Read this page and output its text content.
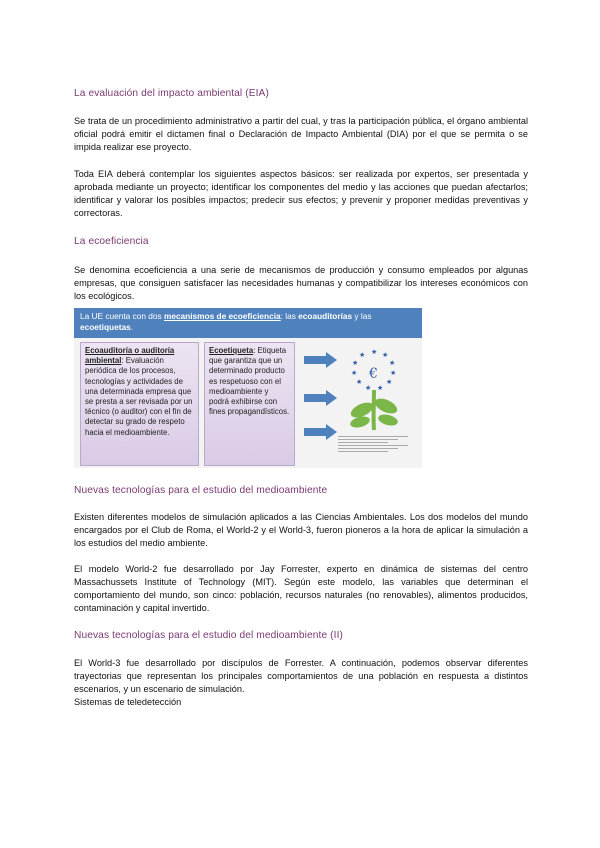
La evaluación del impacto ambiental (EIA)

Se trata de un procedimiento administrativo a partir del cual, y tras la participación pública, el órgano ambiental oficial podrá emitir el dictamen final o Declaración de Impacto Ambiental (DIA) por el que se permita o se impida realizar ese proyecto.

Toda EIA deberá contemplar los siguientes aspectos básicos: ser realizada por expertos, ser presentada y aprobada mediante un proyecto; identificar los componentes del medio y las acciones que puedan afectarlos; identificar y valorar los posibles impactos; predecir sus efectos; y prevenir y proponer medidas preventivas y correctoras.

La ecoeficiencia

Se denomina ecoeficiencia a una serie de mecanismos de producción y consumo empleados por algunas empresas, que consiguen satisfacer las necesidades humanas y compatibilizar los intereses económicos con los ecológicos.

La UE cuenta con dos mecanismos de ecoeficiencia: las ecoauditorías y las ecoetiquetas.
Ecoauditoría o auditoría ambiental: Evaluación periódica de los procesos, tecnologías y actividades de una determinada empresa que se presta a ser revisada por un técnico (o auditor) con el fin de detectar su grado de respeto hacia el medioambiente.
Ecoetiqueta: Etiqueta que garantiza que un determinado producto es respetuoso con el medioambiente y podrá exhibirse con fines propagandísticos.
★ ★
★
★
★
★
★
★
★
★
★
€
Nuevas tecnologías para el estudio del medioambiente

Existen diferentes modelos de simulación aplicados a las Ciencias Ambientales. Los dos modelos del mundo encargados por el Club de Roma, el World-2 y el World-3, fueron pioneros a la hora de aplicar la simulación a los estudios del medio ambiente.

El modelo World-2 fue desarrollado por Jay Forrester, experto en dinámica de sistemas del centro Massachussets Institute of Technology (MIT). Según este modelo, las variables que determinan el comportamiento del mundo, son cinco: población, recursos naturales (no renovables), alimentos producidos, contaminación y capital invertido.

Nuevas tecnologías para el estudio del medioambiente (II)

El World-3 fue desarrollado por discípulos de Forrester. A continuación, podemos observar diferentes trayectorias que representan los principales comportamientos de una población en respuesta a distintos escenarios, y un escenario de simulación.

Sistemas de teledetección
